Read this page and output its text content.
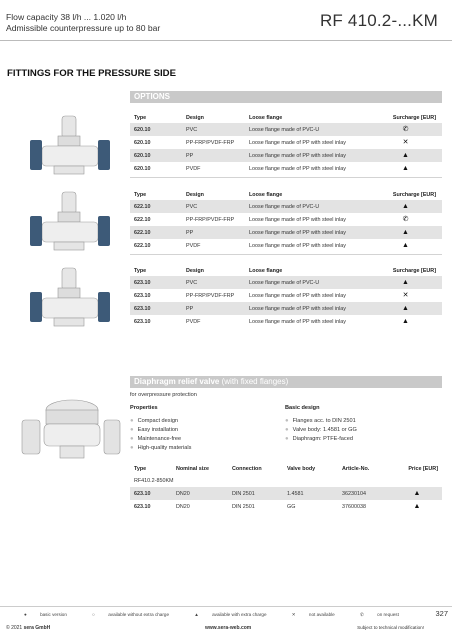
Flow capacity 38 l/h ... 1.020 l/h
Admissible counterpressure up to 80 bar	RF 410.2-...KM
FITTINGS FOR THE PRESSURE SIDE
OPTIONS
Type	Design	Loose flange	Surcharge [EUR]
620.10	PVC	Loose flange made of PVC-U	✆
620.10	PP-FRP/PVDF-FRP	Loose flange made of PP with steel inlay	✕
620.10	PP	Loose flange made of PP with steel inlay	▲
620.10	PVDF	Loose flange made of PP with steel inlay	▲
Type	Design	Loose flange	Surcharge [EUR]
622.10	PVC	Loose flange made of PVC-U	▲
622.10	PP-FRP/PVDF-FRP	Loose flange made of PP with steel inlay	✆
622.10	PP	Loose flange made of PP with steel inlay	▲
622.10	PVDF	Loose flange made of PP with steel inlay	▲
Type	Design	Loose flange	Surcharge [EUR]
623.10	PVC	Loose flange made of PVC-U	▲
623.10	PP-FRP/PVDF-FRP	Loose flange made of PP with steel inlay	✕
623.10	PP	Loose flange made of PP with steel inlay	▲
623.10	PVDF	Loose flange made of PP with steel inlay	▲
Diaphragm relief valve (with fixed flanges)
for overpressure protection
Properties
● Compact design
● Easy installation
● Maintenance-free
● High-quality materials
Basic design
● Flanges acc. to DIN 2501
● Valve body: 1.4581 or GG
● Diaphragm: PTFE-faced
Type	Nominal size	Connection	Valve body	Article-No.	Price [EUR]
RF410.2-850KM					
623.10	DN20	DIN 2501	1.4581	36230104	▲
623.10	DN20	DIN 2501	GG	37600038	▲
●	basic version	○	available without extra charge	▲	available with extra charge	✕	not available	✆	on request	327
© 2021 sera GmbH	www.sera-web.com	Subject to technical modification!
